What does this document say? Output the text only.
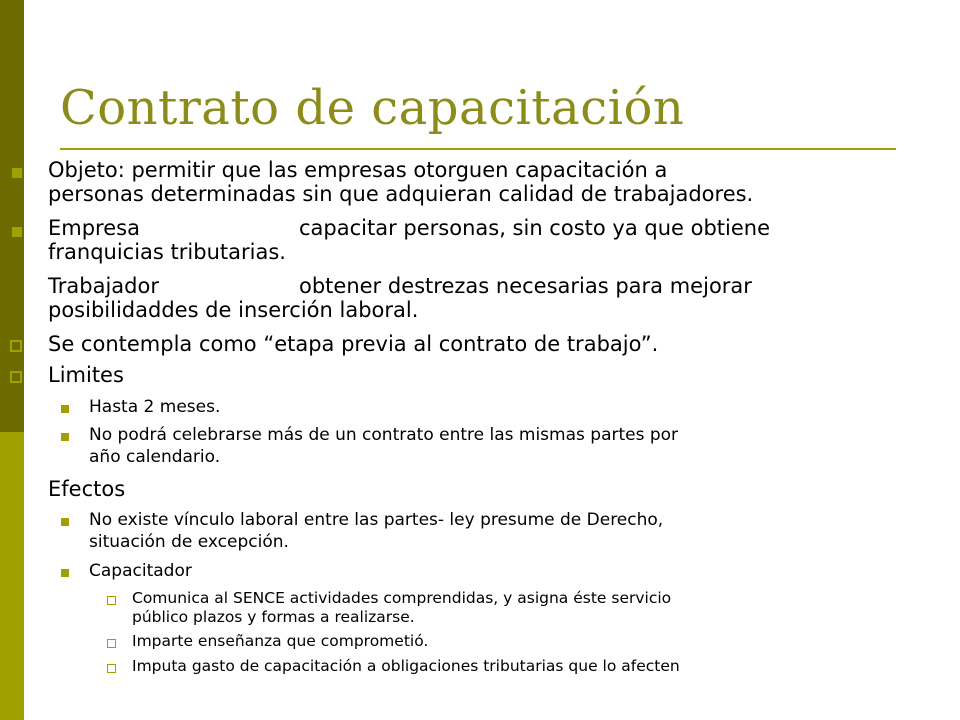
Contrato de capacitación
Objeto: permitir que las empresas otorguen capacitación a
personas determinadas sin que adquieran calidad de trabajadores.
Empresa	capacitar personas, sin costo ya que obtiene
franquicias tributarias.
Trabajador	obtener destrezas necesarias para mejorar
posibilidaddes de inserción laboral.
Se contempla como “etapa previa al contrato de trabajo”.
Limites
Hasta 2 meses.
No podrá celebrarse más de un contrato entre las mismas partes por
año calendario.
Efectos
No existe vínculo laboral entre las partes- ley presume de Derecho,
situación de excepción.
Capacitador
Comunica al SENCE actividades comprendidas, y asigna éste servicio
público plazos y formas a realizarse.
Imparte enseñanza que comprometió.
Imputa gasto de capacitación a obligaciones tributarias que lo afecten
